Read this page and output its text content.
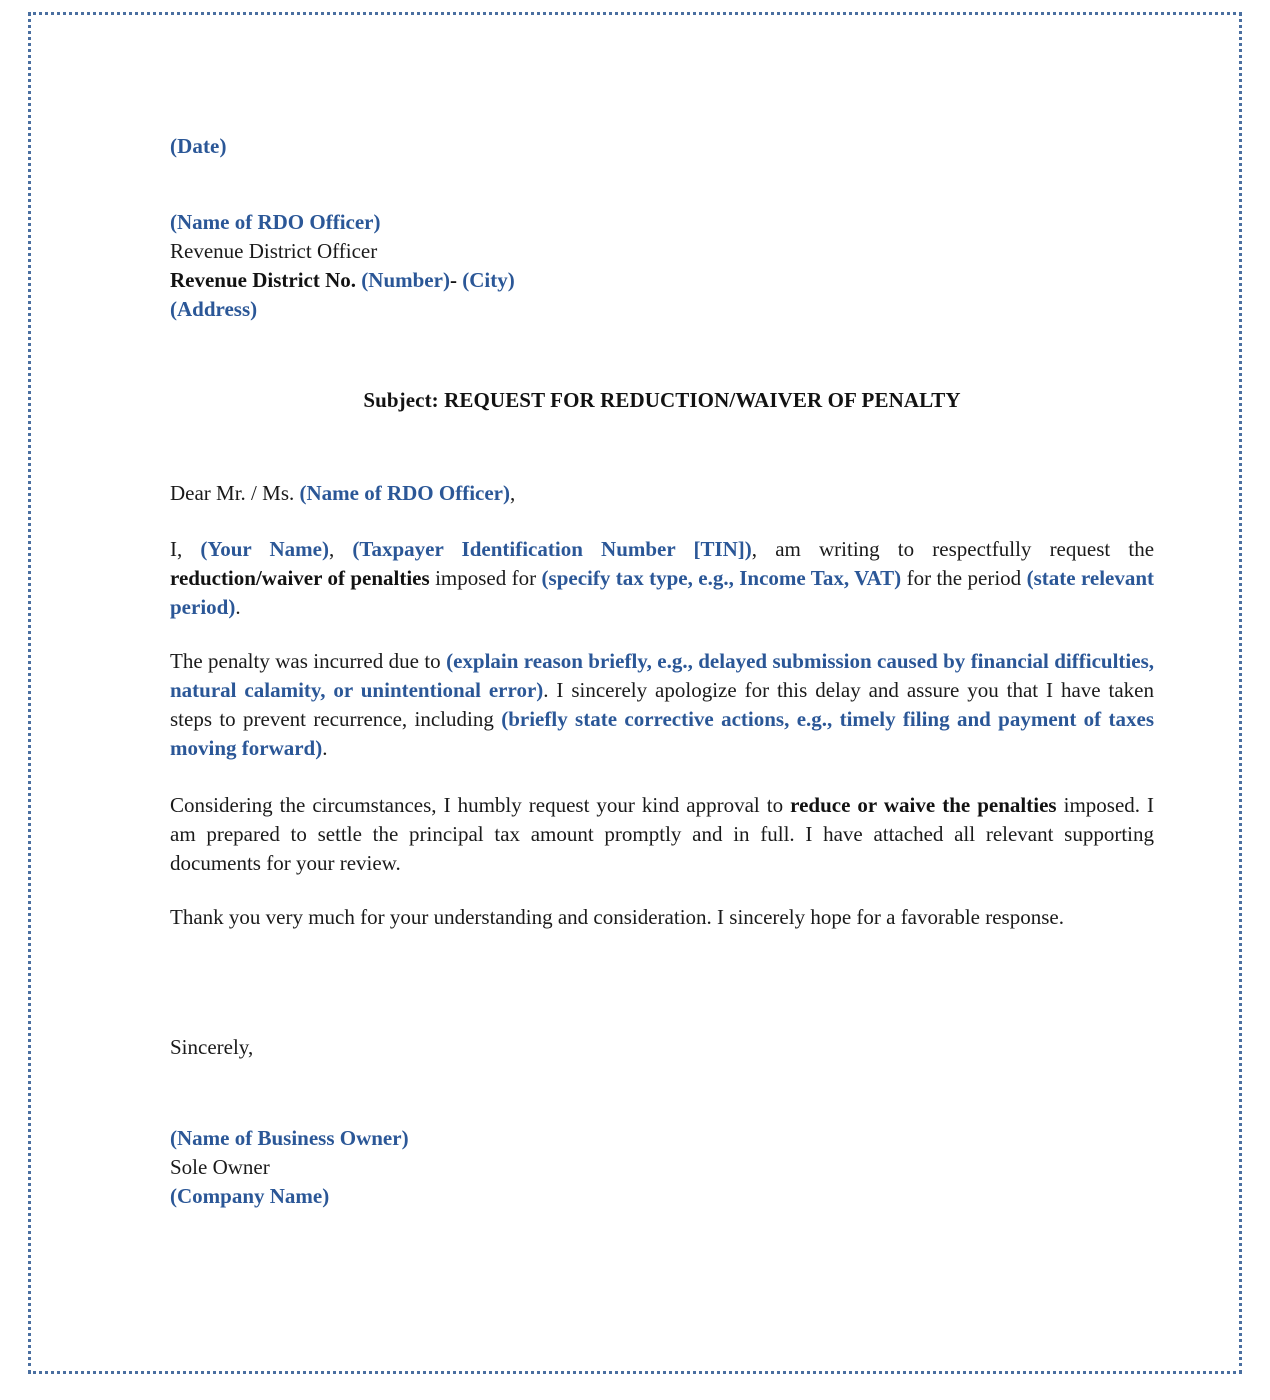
(Date)
(Name of RDO Officer)
Revenue District Officer
Revenue District No. (Number)- (City)
(Address)
Subject: REQUEST FOR REDUCTION/WAIVER OF PENALTY
Dear Mr. / Ms. (Name of RDO Officer),
I, (Your Name), (Taxpayer Identification Number [TIN]), am writing to respectfully request the reduction/waiver of penalties imposed for (specify tax type, e.g., Income Tax, VAT) for the period (state relevant period).
The penalty was incurred due to (explain reason briefly, e.g., delayed submission caused by financial difficulties, natural calamity, or unintentional error). I sincerely apologize for this delay and assure you that I have taken steps to prevent recurrence, including (briefly state corrective actions, e.g., timely filing and payment of taxes moving forward).
Considering the circumstances, I humbly request your kind approval to reduce or waive the penalties imposed. I am prepared to settle the principal tax amount promptly and in full. I have attached all relevant supporting documents for your review.
Thank you very much for your understanding and consideration. I sincerely hope for a favorable response.
Sincerely,
(Name of Business Owner)
Sole Owner
(Company Name)
